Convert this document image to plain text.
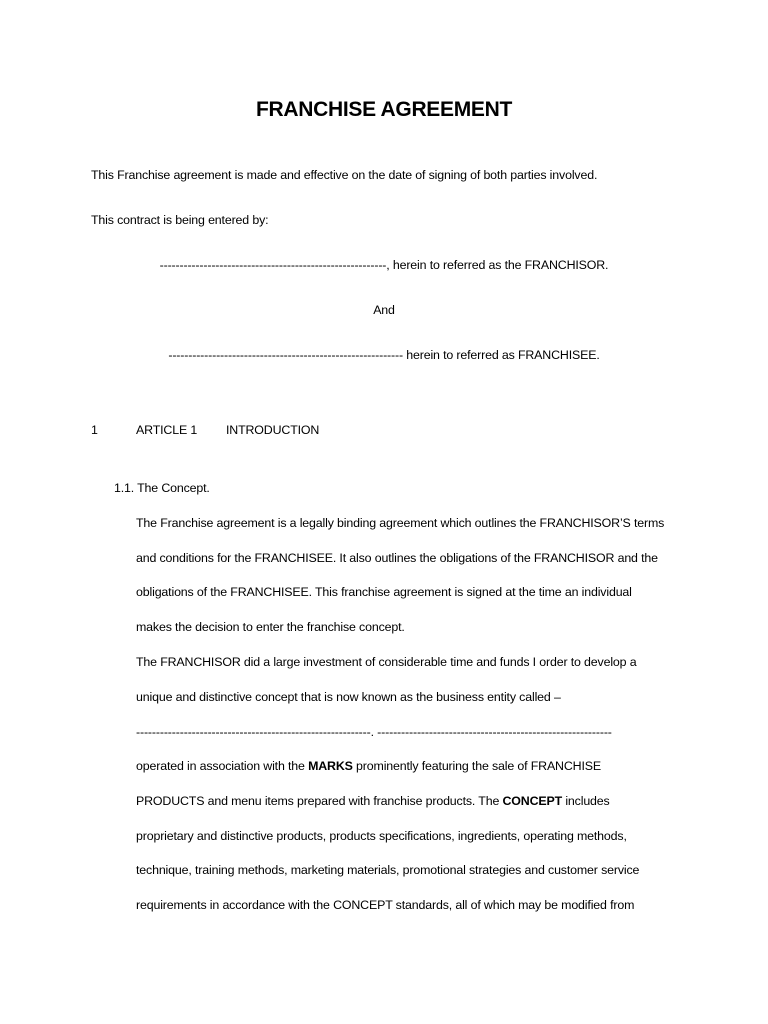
FRANCHISE AGREEMENT
This Franchise agreement is made and effective on the date of signing of both parties involved.
This contract is being entered by:
---------------------------------------------------------, herein to referred as the FRANCHISOR.
And
----------------------------------------------------------- herein to referred as FRANCHISEE.
1	ARTICLE 1 INTRODUCTION
1.1. The Concept.
The Franchise agreement is a legally binding agreement which outlines the FRANCHISOR’S terms
and conditions for the FRANCHISEE. It also outlines the obligations of the FRANCHISOR and the
obligations of the FRANCHISEE. This franchise agreement is signed at the time an individual
makes the decision to enter the franchise concept.
The FRANCHISOR did a large investment of considerable time and funds I order to develop a
unique and distinctive concept that is now known as the business entity called –
-----------------------------------------------------------. -----------------------------------------------------------
operated in association with the MARKS prominently featuring the sale of FRANCHISE
PRODUCTS and menu items prepared with franchise products. The CONCEPT includes
proprietary and distinctive products, products specifications, ingredients, operating methods,
technique, training methods, marketing materials, promotional strategies and customer service
requirements in accordance with the CONCEPT standards, all of which may be modified from
